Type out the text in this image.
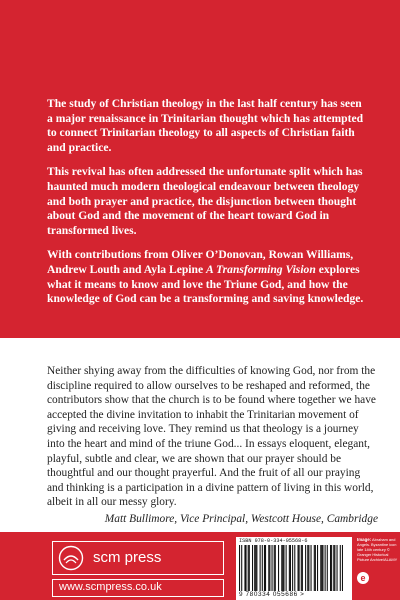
The study of Christian theology in the last half century has seen a major renaissance in Trinitarian thought which has attempted to connect Trinitarian theology to all aspects of Christian faith and practice.

This revival has often addressed the unfortunate split which has haunted much modern theological endeavour between theology and both prayer and practice, the disjunction between thought about God and the movement of the heart toward God in transformed lives.

With contributions from Oliver O’Donovan, Rowan Williams, Andrew Louth and Ayla Lepine A Transforming Vision explores what it means to know and love the Triune God, and how the knowledge of God can be a transforming and saving knowledge.

Neither shying away from the difficulties of knowing God, nor from the discipline required to allow ourselves to be reshaped and reformed, the contributors show that the church is to be found where together we have accepted the divine invitation to inhabit the Trinitarian movement of giving and receiving love. They remind us that theology is a journey into the heart and mind of the triune God... In essays eloquent, elegant, playful, subtle and clear, we are shown that our prayer should be thoughtful and our thought prayerful. And the fruit of all our praying and thinking is a participation in a divine pattern of living in this world, albeit in all our messy glory.

Matt Bullimore, Vice Principal, Westcott House, Cambridge
scm press
www.scmpress.co.uk
ISBN 978-0-334-05568-6
9 780334 055686 >
Image: Abraham and Angels. Byzantine icon late 14th century © Granger Historical Picture Archive/ALAMY
e
